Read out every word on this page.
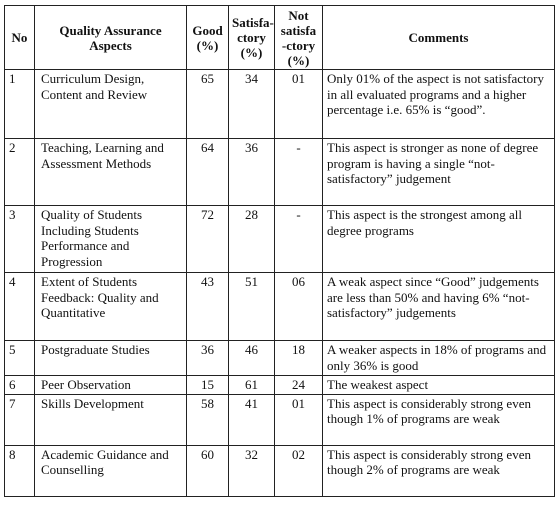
No	Quality Assurance Aspects	Good (%)	Satisfa-ctory (%)	Not satisfa -ctory (%)	Comments
1	Curriculum Design, Content and Review	65	34	01	Only 01% of the aspect is not satisfactory in all evaluated programs and a higher percentage i.e. 65% is “good”.
2	Teaching, Learning and Assessment Methods	64	36	-	This aspect is stronger as none of degree program is having a single “not-satisfactory” judgement
3	Quality of Students Including Students Performance and Progression	72	28	-	This aspect is the strongest among all degree programs
4	Extent of Students Feedback: Quality and Quantitative	43	51	06	A weak aspect since “Good” judgements are less than 50% and having 6% “not-satisfactory” judgements
5	Postgraduate Studies	36	46	18	A weaker aspects in 18% of programs and only 36% is good
6	Peer Observation	15	61	24	The weakest aspect
7	Skills Development	58	41	01	This aspect is considerably strong even though 1% of programs are weak
8	Academic Guidance and Counselling	60	32	02	This aspect is considerably strong even though 2% of programs are weak
